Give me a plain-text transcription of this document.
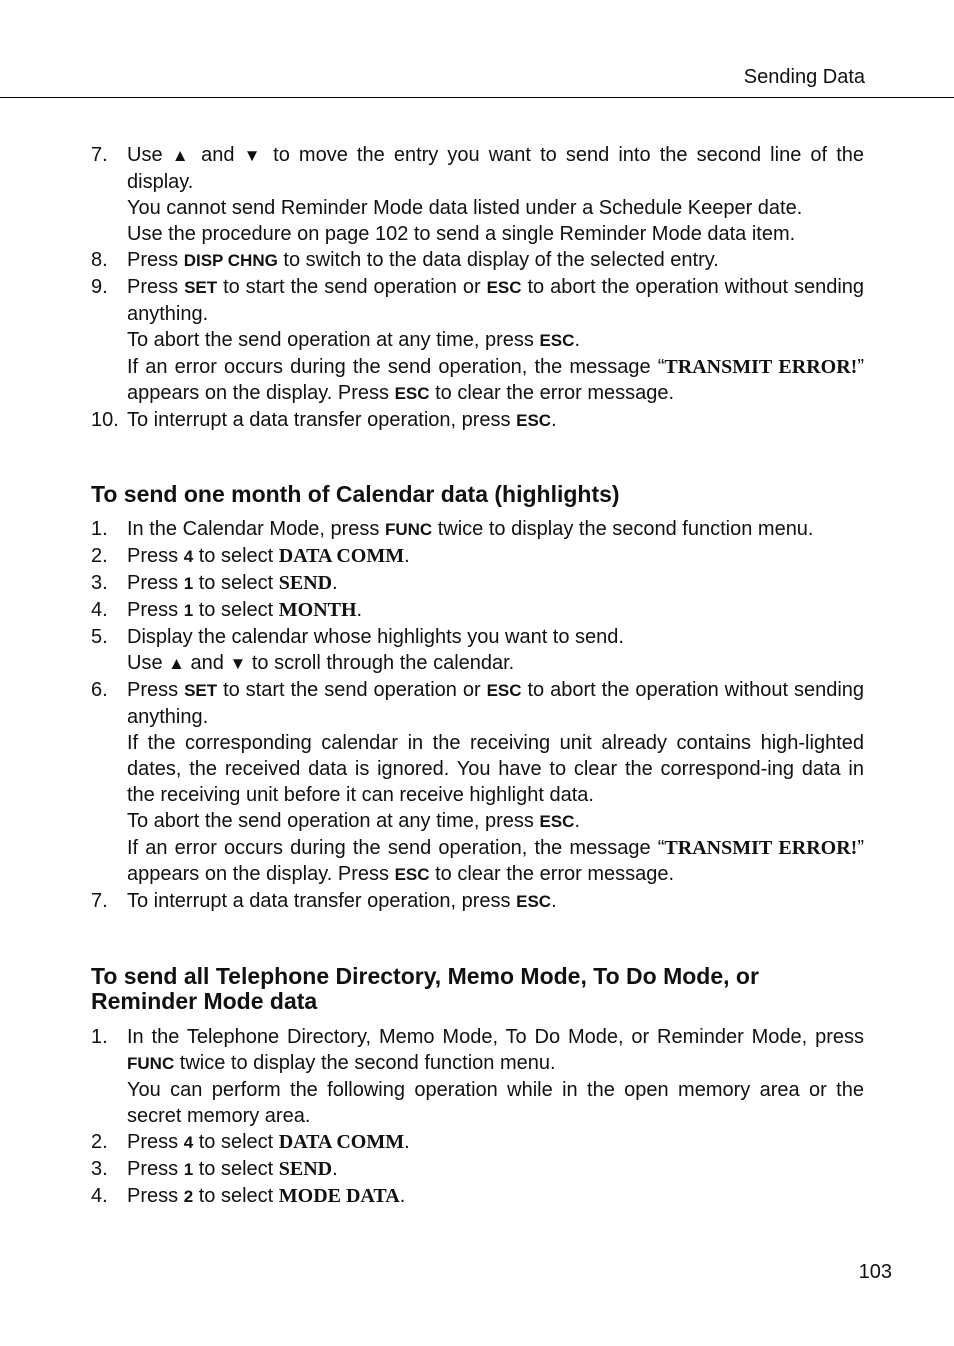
Sending Data
7. Use ▲ and ▼ to move the entry you want to send into the second line of the display.
You cannot send Reminder Mode data listed under a Schedule Keeper date.
Use the procedure on page 102 to send a single Reminder Mode data item.
8. Press DISP CHNG to switch to the data display of the selected entry.
9. Press SET to start the send operation or ESC to abort the operation without sending anything.
To abort the send operation at any time, press ESC.
If an error occurs during the send operation, the message “TRANSMIT ERROR!” appears on the display. Press ESC to clear the error message.
10. To interrupt a data transfer operation, press ESC.
To send one month of Calendar data (highlights)
1. In the Calendar Mode, press FUNC twice to display the second function menu.
2. Press 4 to select DATA COMM.
3. Press 1 to select SEND.
4. Press 1 to select MONTH.
5. Display the calendar whose highlights you want to send.
Use ▲ and ▼ to scroll through the calendar.
6. Press SET to start the send operation or ESC to abort the operation without sending anything.
If the corresponding calendar in the receiving unit already contains high-lighted dates, the received data is ignored. You have to clear the correspond-ing data in the receiving unit before it can receive highlight data.
To abort the send operation at any time, press ESC.
If an error occurs during the send operation, the message “TRANSMIT ERROR!” appears on the display. Press ESC to clear the error message.
7. To interrupt a data transfer operation, press ESC.
To send all Telephone Directory, Memo Mode, To Do Mode, or Reminder Mode data
1. In the Telephone Directory, Memo Mode, To Do Mode, or Reminder Mode, press FUNC twice to display the second function menu.
You can perform the following operation while in the open memory area or the secret memory area.
2. Press 4 to select DATA COMM.
3. Press 1 to select SEND.
4. Press 2 to select MODE DATA.
103
